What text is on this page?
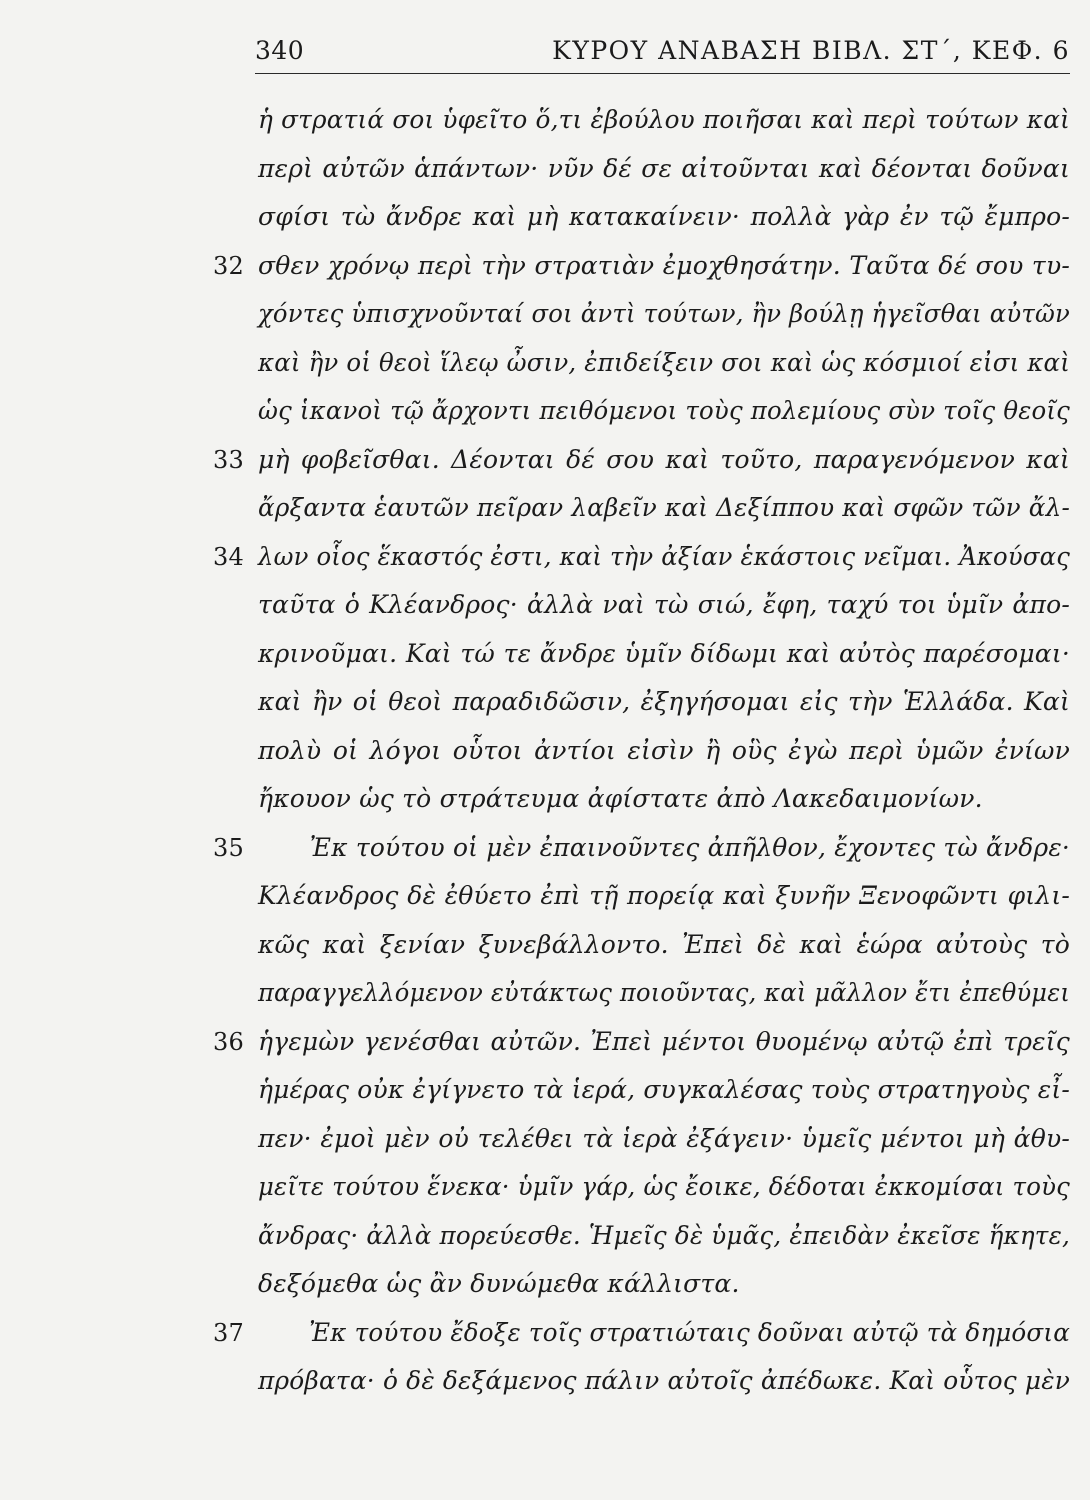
340	ΚΥΡΟΥ ΑΝΑΒΑΣΗ ΒΙΒΛ. ΣΤ΄, ΚΕΦ. 6
ἡ στρατιά σοι ὑφεῖτο ὅ,τι ἐβούλου ποιῆσαι καὶ περὶ τούτων καὶ
περὶ αὐτῶν ἁπάντων· νῦν δέ σε αἰτοῦνται καὶ δέονται δοῦναι
σφίσι τὼ ἄνδρε καὶ μὴ κατακαίνειν· πολλὰ γὰρ ἐν τῷ ἔμπρο-
32 σθεν χρόνῳ περὶ τὴν στρατιὰν ἐμοχθησάτην. Ταῦτα δέ σου τυ-
χόντες ὑπισχνοῦνταί σοι ἀντὶ τούτων, ἢν βούλῃ ἡγεῖσθαι αὐτῶν
καὶ ἢν οἱ θεοὶ ἵλεῳ ὦσιν, ἐπιδείξειν σοι καὶ ὡς κόσμιοί εἰσι καὶ
ὡς ἱκανοὶ τῷ ἄρχοντι πειθόμενοι τοὺς πολεμίους σὺν τοῖς θεοῖς
33 μὴ φοβεῖσθαι. Δέονται δέ σου καὶ τοῦτο, παραγενόμενον καὶ
ἄρξαντα ἑαυτῶν πεῖραν λαβεῖν καὶ Δεξίππου καὶ σφῶν τῶν ἄλ-
34 λων οἷος ἕκαστός ἐστι, καὶ τὴν ἀξίαν ἑκάστοις νεῖμαι. Ἀκούσας
ταῦτα ὁ Κλέανδρος· ἀλλὰ ναὶ τὼ σιώ, ἔφη, ταχύ τοι ὑμῖν ἀπο-
κρινοῦμαι. Καὶ τώ τε ἄνδρε ὑμῖν δίδωμι καὶ αὐτὸς παρέσομαι·
καὶ ἢν οἱ θεοὶ παραδιδῶσιν, ἐξηγήσομαι εἰς τὴν Ἑλλάδα. Καὶ
πολὺ οἱ λόγοι οὗτοι ἀντίοι εἰσὶν ἢ οὓς ἐγὼ περὶ ὑμῶν ἐνίων
ἤκουον ὡς τὸ στράτευμα ἀφίστατε ἀπὸ Λακεδαιμονίων.
35	Ἐκ τούτου οἱ μὲν ἐπαινοῦντες ἀπῆλθον, ἔχοντες τὼ ἄνδρε·
Κλέανδρος δὲ ἐθύετο ἐπὶ τῇ πορείᾳ καὶ ξυνῆν Ξενοφῶντι φιλι-
κῶς καὶ ξενίαν ξυνεβάλλοντο. Ἐπεὶ δὲ καὶ ἑώρα αὐτοὺς τὸ
παραγγελλόμενον εὐτάκτως ποιοῦντας, καὶ μᾶλλον ἔτι ἐπεθύμει
36 ἡγεμὼν γενέσθαι αὐτῶν. Ἐπεὶ μέντοι θυομένῳ αὐτῷ ἐπὶ τρεῖς
ἡμέρας οὐκ ἐγίγνετο τὰ ἱερά, συγκαλέσας τοὺς στρατηγοὺς εἶ-
πεν· ἐμοὶ μὲν οὐ τελέθει τὰ ἱερὰ ἐξάγειν· ὑμεῖς μέντοι μὴ ἀθυ-
μεῖτε τούτου ἕνεκα· ὑμῖν γάρ, ὡς ἔοικε, δέδοται ἐκκομίσαι τοὺς
ἄνδρας· ἀλλὰ πορεύεσθε. Ἡμεῖς δὲ ὑμᾶς, ἐπειδὰν ἐκεῖσε ἥκητε,
δεξόμεθα ὡς ἂν δυνώμεθα κάλλιστα.
37	Ἐκ τούτου ἔδοξε τοῖς στρατιώταις δοῦναι αὐτῷ τὰ δημόσια
πρόβατα· ὁ δὲ δεξάμενος πάλιν αὐτοῖς ἀπέδωκε. Καὶ οὗτος μὲν
